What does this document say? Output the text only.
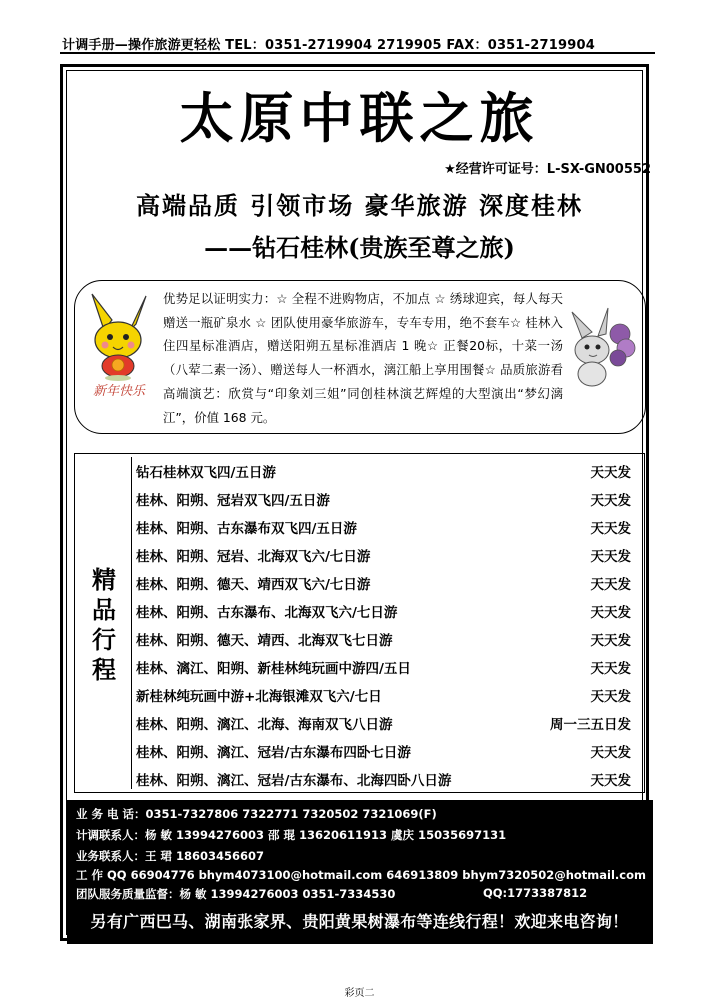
计调手册—操作旅游更轻松 TEL：0351-2719904 2719905 FAX：0351-2719904
太原中联之旅
★经营许可证号：L-SX-GN00552
高端品质 引领市场 豪华旅游 深度桂林
——钻石桂林(贵族至尊之旅)
新年快乐
优势足以证明实力：☆ 全程不进购物店，不加点 ☆ 绣球迎宾，每人每天赠送一瓶矿泉水 ☆ 团队使用豪华旅游车，专车专用，绝不套车☆ 桂林入住四星标准酒店，赠送阳朔五星标准酒店 1 晚☆ 正餐20标，十菜一汤（八荤二素一汤）、赠送每人一杯酒水，漓江船上享用围餐☆ 品质旅游看高端演艺：欣赏与“印象刘三姐”同创桂林演艺辉煌的大型演出“梦幻漓江”，价值 168 元。
精
品
行
程
钻石桂林双飞四/五日游	天天发
桂林、阳朔、冠岩双飞四/五日游	天天发
桂林、阳朔、古东瀑布双飞四/五日游	天天发
桂林、阳朔、冠岩、北海双飞六/七日游	天天发
桂林、阳朔、德天、靖西双飞六/七日游	天天发
桂林、阳朔、古东瀑布、北海双飞六/七日游	天天发
桂林、阳朔、德天、靖西、北海双飞七日游	天天发
桂林、漓江、阳朔、新桂林纯玩画中游四/五日	天天发
新桂林纯玩画中游+北海银滩双飞六/七日	天天发
桂林、阳朔、漓江、北海、海南双飞八日游	周一三五日发
桂林、阳朔、漓江、冠岩/古东瀑布四卧七日游	天天发
桂林、阳朔、漓江、冠岩/古东瀑布、北海四卧八日游	天天发
业 务 电 话：0351-7327806 7322771 7320502 7321069(F)
计调联系人：杨 敏 13994276003 邵 琨 13620611913 虞庆 15035697131
业务联系人：王 珺 18603456607
工 作 QQ 66904776 bhym4073100@hotmail.com 646913809 bhym7320502@hotmail.com
团队服务质量监督：杨 敏 13994276003 0351-7334530	QQ:1773387812
另有广西巴马、湖南张家界、贵阳黄果树瀑布等连线行程！欢迎来电咨询！
彩页二
